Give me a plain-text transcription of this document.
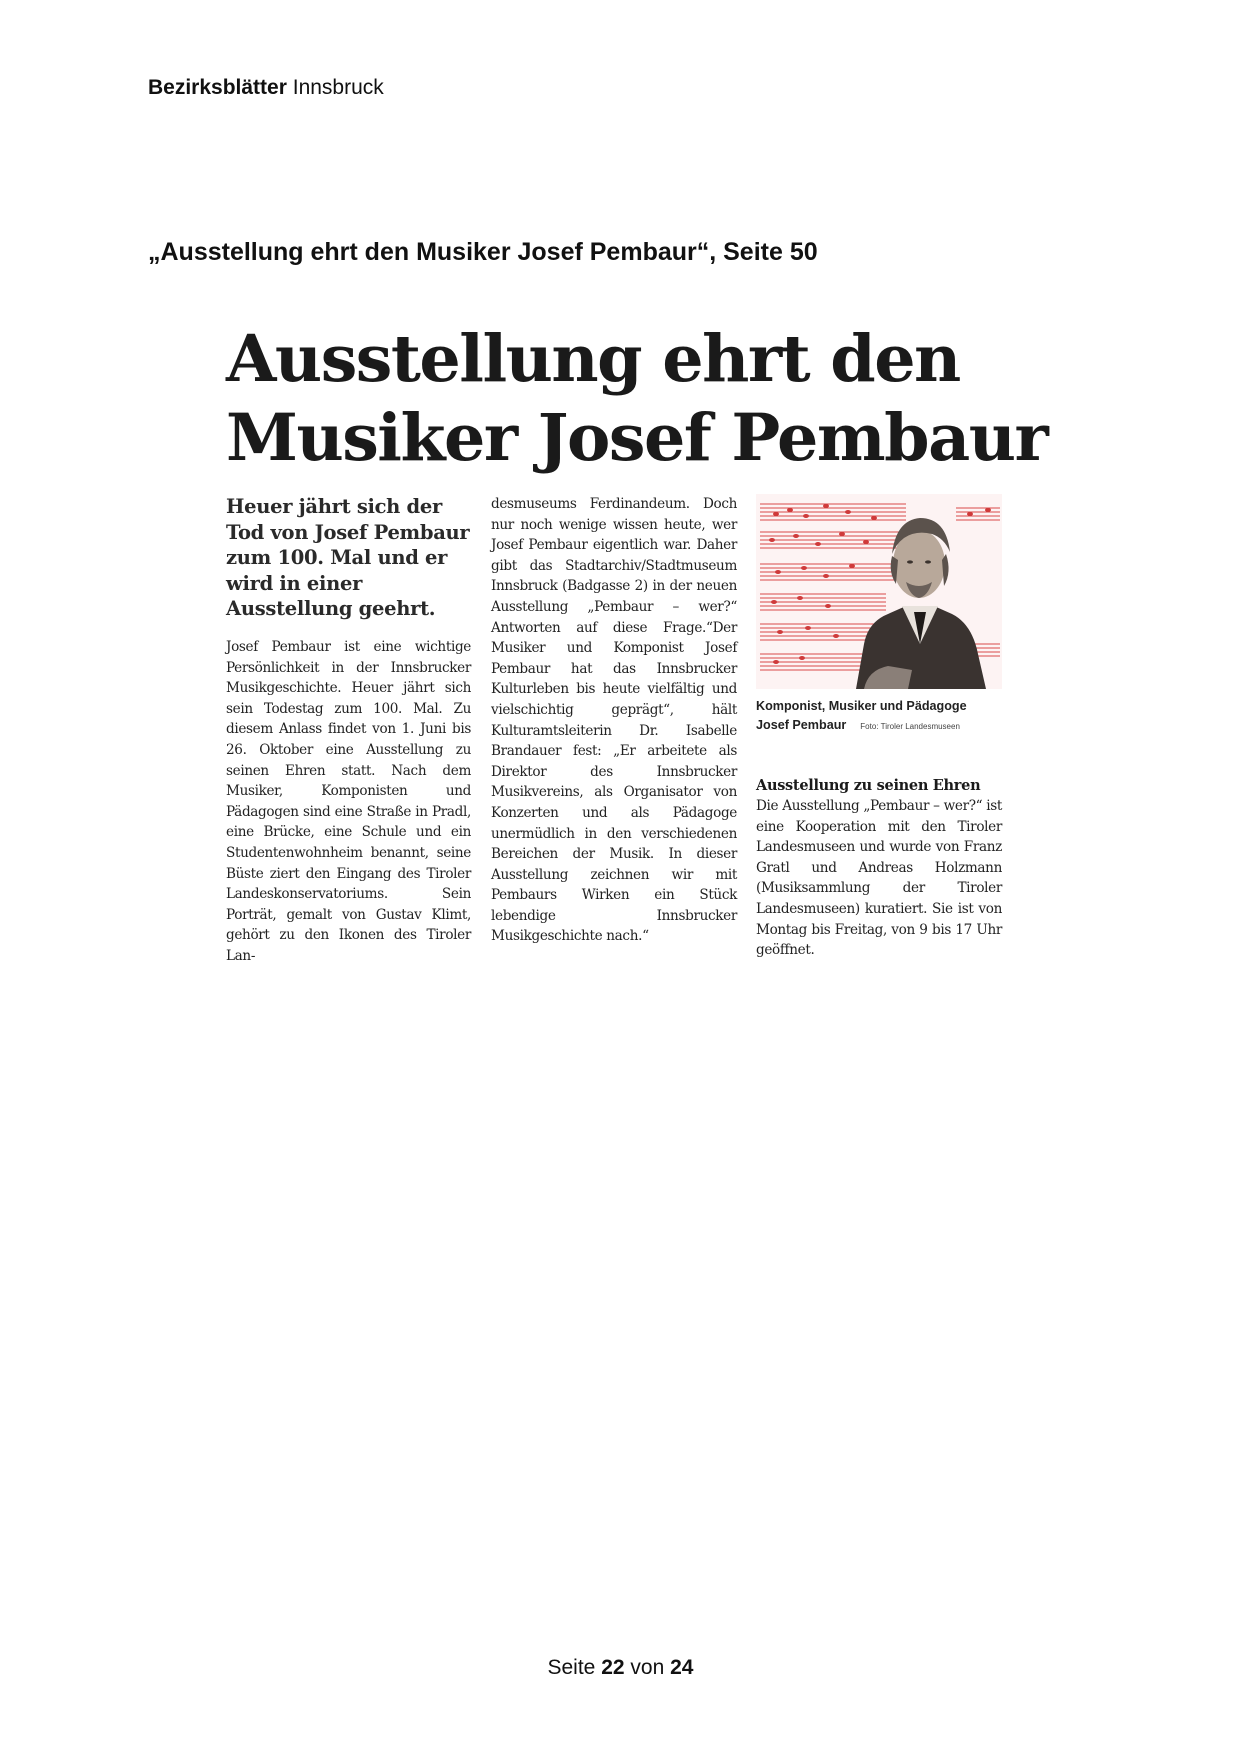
Bezirksblätter Innsbruck
„Ausstellung ehrt den Musiker Josef Pembaur“, Seite 50
Ausstellung ehrt den
Musiker Josef Pembaur
Heuer jährt sich der Tod von Josef Pembaur zum 100. Mal und er wird in einer Ausstellung geehrt.
Josef Pembaur ist eine wichtige Persönlichkeit in der Innsbrucker Musikgeschichte. Heuer jährt sich sein Todestag zum 100. Mal. Zu diesem Anlass findet von 1. Juni bis 26. Oktober eine Ausstellung zu seinen Ehren statt. Nach dem Musiker, Komponisten und Pädagogen sind eine Straße in Pradl, eine Brücke, eine Schule und ein Studentenwohnheim benannt, seine Büste ziert den Eingang des Tiroler Landeskonservatoriums. Sein Porträt, gemalt von Gustav Klimt, gehört zu den Ikonen des Tiroler Lan-
desmuseums Ferdinandeum. Doch nur noch wenige wissen heute, wer Josef Pembaur eigentlich war. Daher gibt das Stadtarchiv/Stadtmuseum Innsbruck (Badgasse 2) in der neuen Ausstellung „Pembaur – wer?“ Antworten auf diese Frage.“Der Musiker und Komponist Josef Pembaur hat das Innsbrucker Kulturleben bis heute vielfältig und vielschichtig geprägt“, hält Kulturamtsleiterin Dr. Isabelle Brandauer fest: „Er arbeitete als Direktor des Innsbrucker Musikvereins, als Organisator von Konzerten und als Pädagoge unermüdlich in den verschiedenen Bereichen der Musik. In dieser Ausstellung zeichnen wir mit Pembaurs Wirken ein Stück lebendige Innsbrucker Musikgeschichte nach.“
Komponist, Musiker und Pädagoge Josef Pembaur Foto: Tiroler Landesmuseen
Ausstellung zu seinen Ehren
Die Ausstellung „Pembaur – wer?“ ist eine Kooperation mit den Tiroler Landesmuseen und wurde von Franz Gratl und Andreas Holzmann (Musiksammlung der Tiroler Landesmuseen) kuratiert. Sie ist von Montag bis Freitag, von 9 bis 17 Uhr geöffnet.
Seite 22 von 24
